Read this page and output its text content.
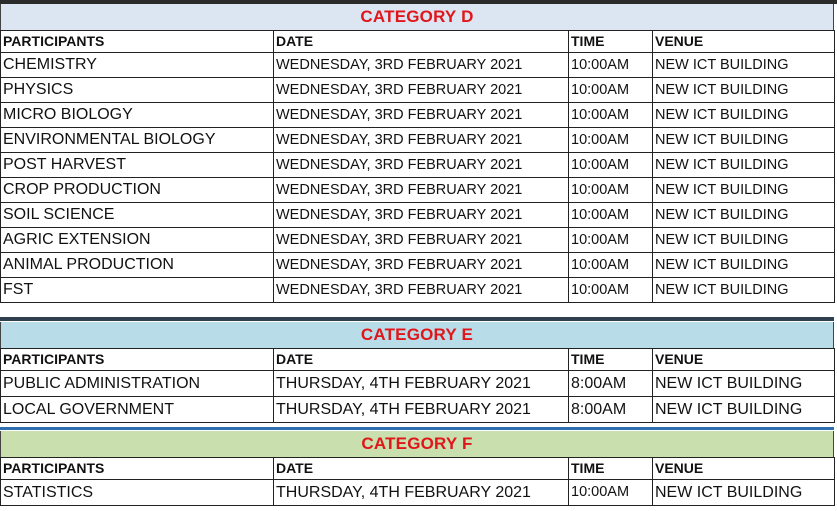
CATEGORY D
PARTICIPANTS	DATE	TIME	VENUE
CHEMISTRY	WEDNESDAY, 3RD FEBRUARY 2021	10:00AM	NEW ICT BUILDING
PHYSICS	WEDNESDAY, 3RD FEBRUARY 2021	10:00AM	NEW ICT BUILDING
MICRO BIOLOGY	WEDNESDAY, 3RD FEBRUARY 2021	10:00AM	NEW ICT BUILDING
ENVIRONMENTAL BIOLOGY	WEDNESDAY, 3RD FEBRUARY 2021	10:00AM	NEW ICT BUILDING
POST HARVEST	WEDNESDAY, 3RD FEBRUARY 2021	10:00AM	NEW ICT BUILDING
CROP PRODUCTION	WEDNESDAY, 3RD FEBRUARY 2021	10:00AM	NEW ICT BUILDING
SOIL SCIENCE	WEDNESDAY, 3RD FEBRUARY 2021	10:00AM	NEW ICT BUILDING
AGRIC EXTENSION	WEDNESDAY, 3RD FEBRUARY 2021	10:00AM	NEW ICT BUILDING
ANIMAL PRODUCTION	WEDNESDAY, 3RD FEBRUARY 2021	10:00AM	NEW ICT BUILDING
FST	WEDNESDAY, 3RD FEBRUARY 2021	10:00AM	NEW ICT BUILDING
CATEGORY E
PARTICIPANTS	DATE	TIME	VENUE
PUBLIC ADMINISTRATION	THURSDAY, 4TH FEBRUARY 2021	8:00AM	NEW ICT BUILDING
LOCAL GOVERNMENT	THURSDAY, 4TH FEBRUARY 2021	8:00AM	NEW ICT BUILDING
CATEGORY F
PARTICIPANTS	DATE	TIME	VENUE
STATISTICS	THURSDAY, 4TH FEBRUARY 2021	10:00AM	NEW ICT BUILDING
